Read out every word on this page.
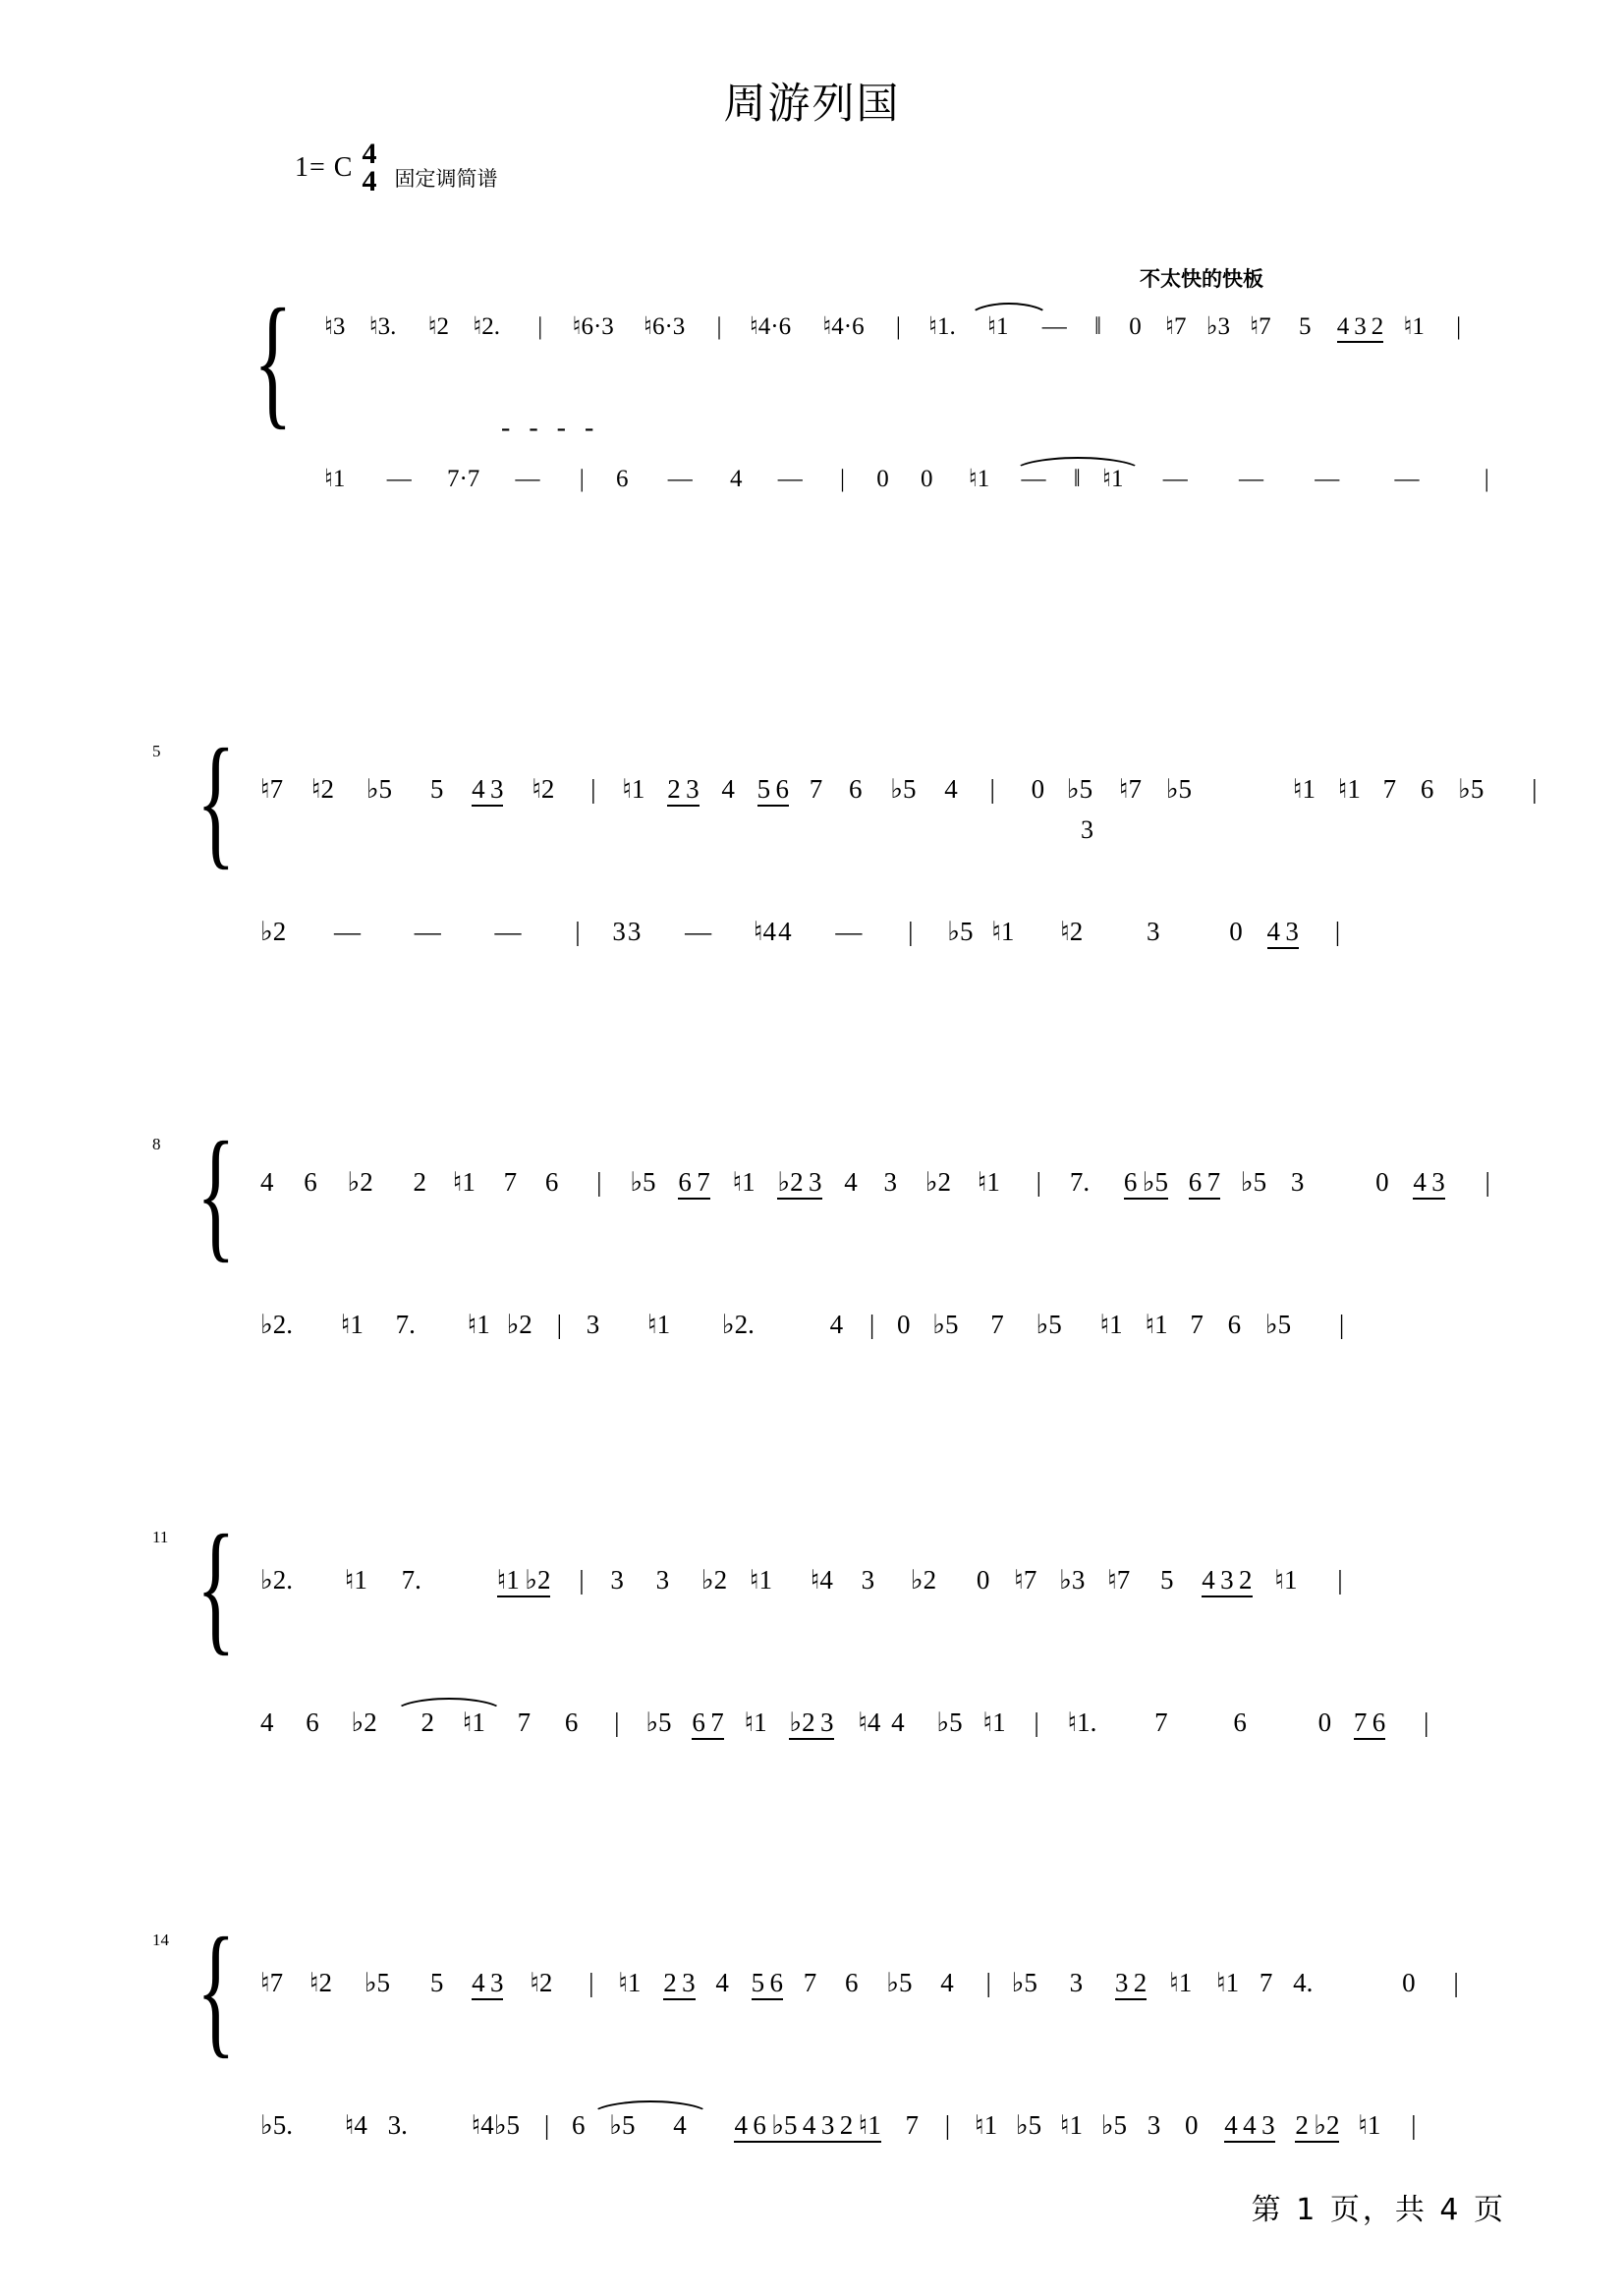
周游列国
1= C 4
4 固定调简谱
不太快的快板
{ ♮3 ♮3. ♮2 ♮2. | ♮6·3 ♮6·3 | ♮4·6 ♮4·6 | ♮1. ♮1 — ‖ 0 ♮7 ♭3 ♮7 5 4 3 2 ♮1 |
- - - -
♮1 — 7·7 — | 6 — 4 — | 0 0 ♮1 — ‖ ♮1 — — — —	|
5 { ♮7 ♮2 ♭5 5 4 3 ♮2 | ♮1 2 3 4 5 6 7 6 ♭5 4 | 0 ♭5 ♮7 ♭5	♮1 ♮1 7 6 ♭5 |
3
♭2 — — — | 33 — ♮44 — | ♭5 ♮1 ♮2 3	0 4 3 |
8 { 4 6 ♭2 2 ♮1 7 6 | ♭5 6 7 ♮1 ♭2 3 4 3 ♭2 ♮1 | 7. 6 ♭5 6 7 ♭5 3	0 4 3 |
♭2. ♮1 7. ♮1 ♭2 | 3 ♮1 ♭2.	4 | 0 ♭5 7 ♭5 ♮1 ♮1 7 6 ♭5 |
11 { ♭2. ♮1 7.	♮1 ♭2 | 3 3 ♭2 ♮1 ♮4 3 ♭2 0 ♮7 ♭3 ♮7 5 4 3 2 ♮1 |
4 6 ♭2 2 ♮1 7 6 | ♭5 6 7 ♮1 ♭2 3 ♮4 4 ♭5 ♮1 | ♮1. 7 6	0 7 6 |
14 { ♮7 ♮2 ♭5 5 4 3 ♮2 | ♮1 2 3 4 5 6 7 6 ♭5 4 | ♭5 3 3 2 ♮1 ♮1 7 4.	0 |
♭5. ♮4 3. ♮4♭5 | 6 ♭5 4 4 6 ♭5 4 3 2 ♮1 7 | ♮1 ♭5 ♮1 ♭5 3 0 4 4 3 2 ♭2 ♮1 |
第 1 页，共 4 页
